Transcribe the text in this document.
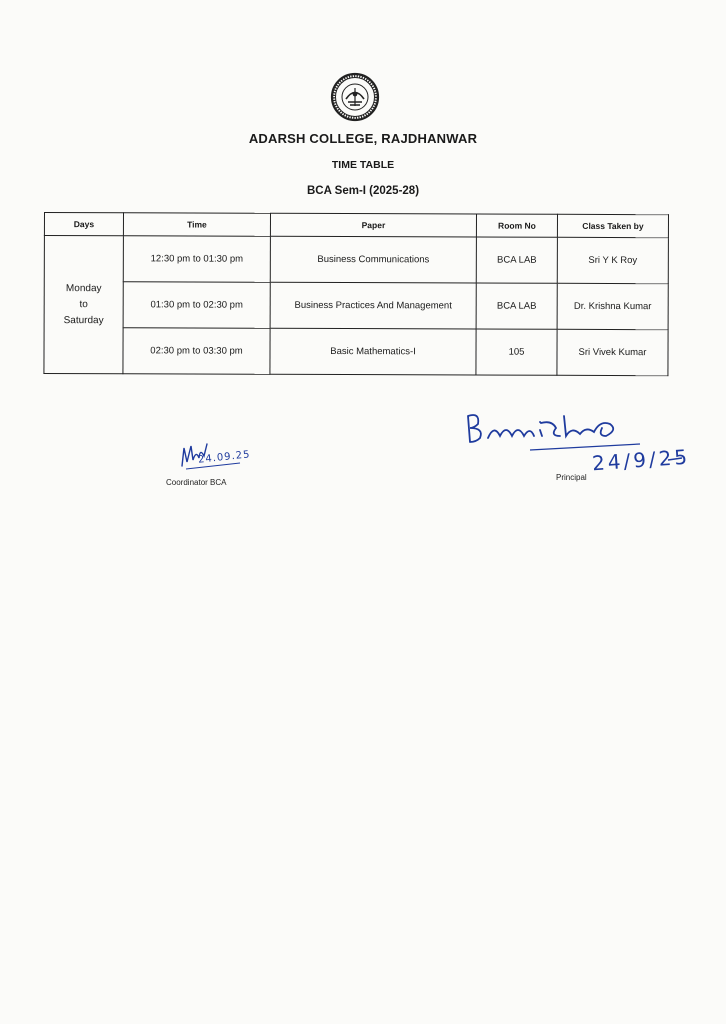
ADARSH COLLEGE, RAJDHANWAR
TIME TABLE
BCA Sem-I (2025-28)
Days	Time	Paper	Room No	Class Taken by

Monday
to
Saturday	12:30 pm to 01:30 pm	Business Communications	BCA LAB	Sri Y K Roy
	01:30 pm to 02:30 pm	Business Practices And Management	BCA LAB	Dr. Krishna Kumar
	02:30 pm to 03:30 pm	Basic Mathematics-I	105	Sri Vivek Kumar
24.09.25
Coordinator BCA
24/9/25
Principal
